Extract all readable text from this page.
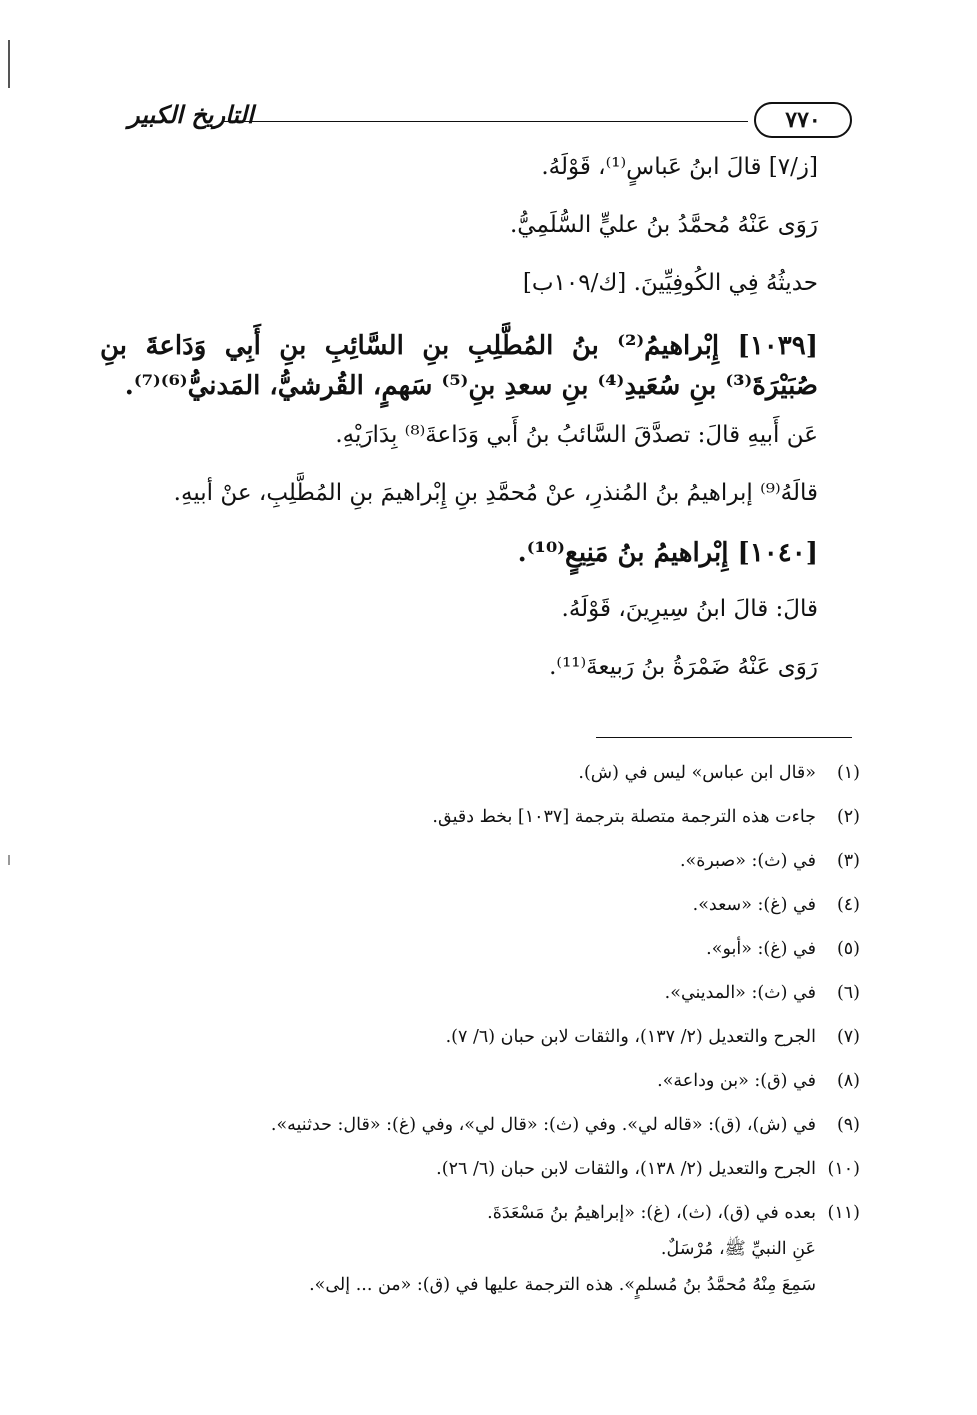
٧٧٠
التاريخ الكبير
[ز/٧] قالَ ابنُ عَباسٍ⁽¹⁾، قَوْلَهُ.
رَوَى عَنْهُ مُحمَّدُ بنُ عليٍّ السُّلَمِيُّ.
حديثُهُ فِي الكُوفِيِّينَ. [ك/١٠٩ب]
[١٠٣٩] إِبْراهيمُ⁽²⁾ بنُ المُطَّلِبِ بنِ السَّائِبِ بنِ أَبِي وَدَاعةَ بنِ صُبَيْرَةَ⁽³⁾ بنِ سُعَيدِ⁽⁴⁾ بنِ سعدِ بنِ⁽⁵⁾ سَهمٍ، القُرشيُّ، المَدنيُّ⁽⁶⁾⁽⁷⁾.
عَن أَبيهِ قالَ: تصدَّقَ السَّائبُ بنُ أَبي وَدَاعةَ⁽⁸⁾ بِدَارَيْهِ.
قالَهُ⁽⁹⁾ إبراهيمُ بنُ المُنذرِ، عنْ مُحمَّدِ بنِ إِبْراهيمَ بنِ المُطَّلِبِ، عنْ أبيهِ.
[١٠٤٠] إِبْراهيمُ بنُ مَنِيعٍ⁽¹⁰⁾.
قالَ: قالَ ابنُ سِيرِينَ، قَوْلَهُ.
رَوَى عَنْهُ ضَمْرَةُ بنُ رَبيعةَ⁽¹¹⁾.
(١)
«قال ابن عباس» ليس في (ش).
(٢)
جاءت هذه الترجمة متصلة بترجمة [١٠٣٧] بخط دقيق.
(٣)
في (ث): «صبرة».
(٤)
في (غ): «سعد».
(٥)
في (غ): «أبو».
(٦)
في (ث): «المديني».
(٧)
الجرح والتعديل (٢/ ١٣٧)، والثقات لابن حبان (٦/ ٧).
(٨)
في (ق): «بن وداعة».
(٩)
في (ش)، (ق): «قاله لي». وفي (ث): «قال لي»، وفي (غ): «قال: حدثنيه».
(١٠)
الجرح والتعديل (٢/ ١٣٨)، والثقات لابن حبان (٦/ ٢٦).
(١١)
بعده في (ق)، (ث)، (غ): «إبراهيمُ بنُ مَسْعَدَةَ.
عَنِ النبيِّ ﷺ، مُرْسَلٌ.
سَمِعَ مِنْهُ مُحمَّدُ بنُ مُسلمٍ». هذه الترجمة عليها في (ق): «من ... إلى».
